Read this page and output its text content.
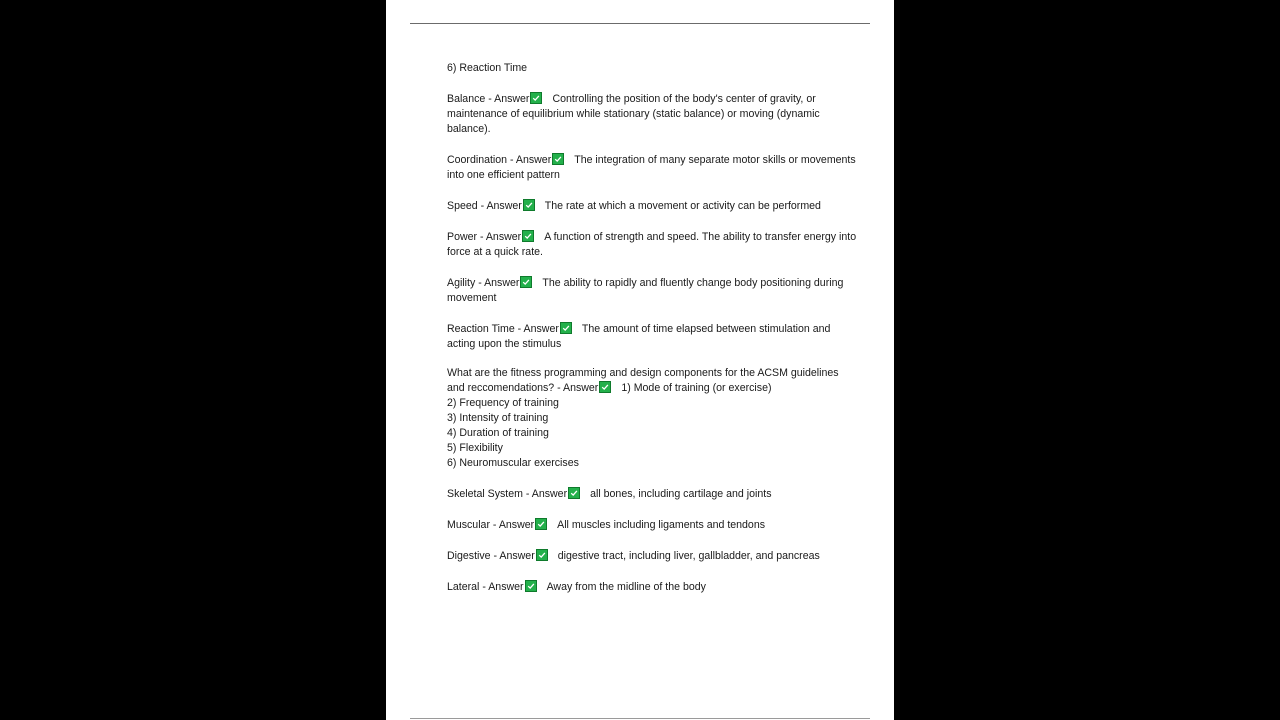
6) Reaction Time

Balance - Answer Controlling the position of the body's center of gravity, or maintenance of equilibrium while stationary (static balance) or moving (dynamic balance).

Coordination - Answer The integration of many separate motor skills or movements into one efficient pattern

Speed - Answer The rate at which a movement or activity can be performed

Power - Answer A function of strength and speed. The ability to transfer energy into force at a quick rate.

Agility - Answer The ability to rapidly and fluently change body positioning during movement

Reaction Time - Answer The amount of time elapsed between stimulation and acting upon the stimulus

What are the fitness programming and design components for the ACSM guidelines and reccomendations? - Answer 1) Mode of training (or exercise)
2) Frequency of training
3) Intensity of training
4) Duration of training
5) Flexibility
6) Neuromuscular exercises

Skeletal System - Answer all bones, including cartilage and joints

Muscular - Answer All muscles including ligaments and tendons

Digestive - Answer digestive tract, including liver, gallbladder, and pancreas

Lateral - Answer Away from the midline of the body
